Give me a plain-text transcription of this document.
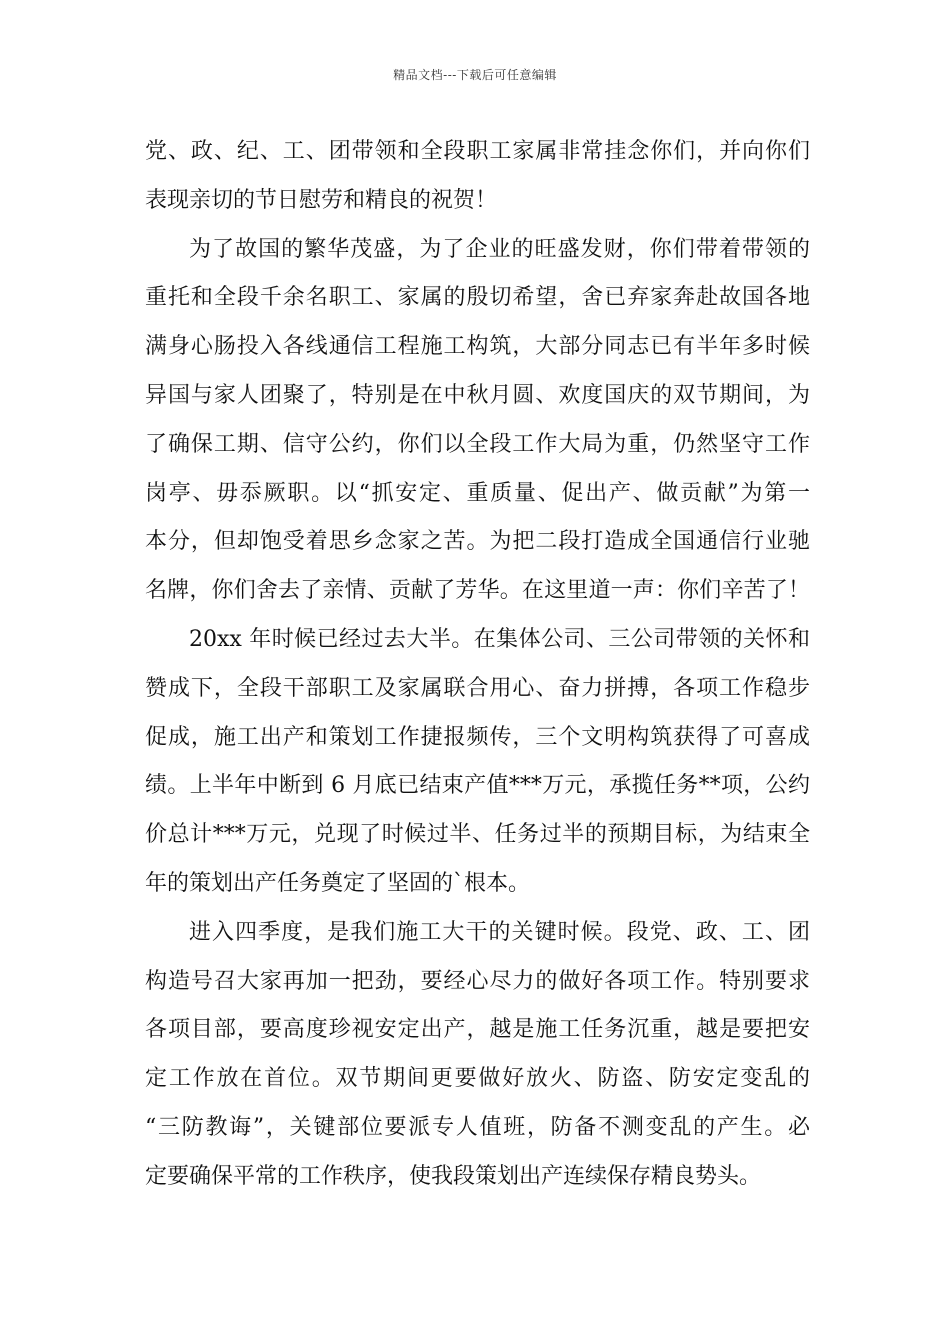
精品文档---下载后可任意编辑
党、政、纪、工、团带领和全段职工家属非常挂念你们，并向你们
表现亲切的节日慰劳和精良的祝贺！
为了故国的繁华茂盛，为了企业的旺盛发财，你们带着带领的
重托和全段千余名职工、家属的殷切希望，舍已弃家奔赴故国各地
满身心肠投入各线通信工程施工构筑，大部分同志已有半年多时候
异国与家人团聚了，特别是在中秋月圆、欢度国庆的双节期间，为
了确保工期、信守公约，你们以全段工作大局为重，仍然坚守工作
岗亭、毋忝厥职。以“抓安定、重质量、促出产、做贡献”为第一
本分，但却饱受着思乡念家之苦。为把二段打造成全国通信行业驰
名牌，你们舍去了亲情、贡献了芳华。在这里道一声：你们辛苦了！
20xx 年时候已经过去大半。在集体公司、三公司带领的关怀和
赞成下，全段干部职工及家属联合用心、奋力拼搏，各项工作稳步
促成，施工出产和策划工作捷报频传，三个文明构筑获得了可喜成
绩。上半年中断到 6 月底已结束产值***万元，承揽任务**项，公约
价总计***万元，兑现了时候过半、任务过半的预期目标，为结束全
年的策划出产任务奠定了坚固的`根本。
进入四季度，是我们施工大干的关键时候。段党、政、工、团
构造号召大家再加一把劲，要经心尽力的做好各项工作。特别要求
各项目部，要高度珍视安定出产，越是施工任务沉重，越是要把安
定工作放在首位。双节期间更要做好放火、防盗、防安定变乱的
“三防教诲”，关键部位要派专人值班，防备不测变乱的产生。必
定要确保平常的工作秩序，使我段策划出产连续保存精良势头。
